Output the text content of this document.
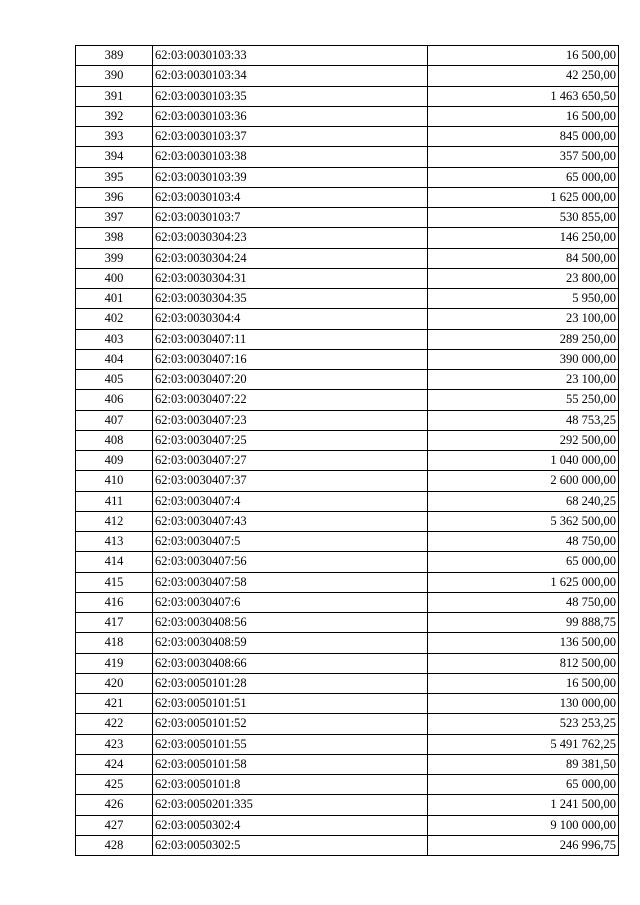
389	62:03:0030103:33	16 500,00
390	62:03:0030103:34	42 250,00
391	62:03:0030103:35	1 463 650,50
392	62:03:0030103:36	16 500,00
393	62:03:0030103:37	845 000,00
394	62:03:0030103:38	357 500,00
395	62:03:0030103:39	65 000,00
396	62:03:0030103:4	1 625 000,00
397	62:03:0030103:7	530 855,00
398	62:03:0030304:23	146 250,00
399	62:03:0030304:24	84 500,00
400	62:03:0030304:31	23 800,00
401	62:03:0030304:35	5 950,00
402	62:03:0030304:4	23 100,00
403	62:03:0030407:11	289 250,00
404	62:03:0030407:16	390 000,00
405	62:03:0030407:20	23 100,00
406	62:03:0030407:22	55 250,00
407	62:03:0030407:23	48 753,25
408	62:03:0030407:25	292 500,00
409	62:03:0030407:27	1 040 000,00
410	62:03:0030407:37	2 600 000,00
411	62:03:0030407:4	68 240,25
412	62:03:0030407:43	5 362 500,00
413	62:03:0030407:5	48 750,00
414	62:03:0030407:56	65 000,00
415	62:03:0030407:58	1 625 000,00
416	62:03:0030407:6	48 750,00
417	62:03:0030408:56	99 888,75
418	62:03:0030408:59	136 500,00
419	62:03:0030408:66	812 500,00
420	62:03:0050101:28	16 500,00
421	62:03:0050101:51	130 000,00
422	62:03:0050101:52	523 253,25
423	62:03:0050101:55	5 491 762,25
424	62:03:0050101:58	89 381,50
425	62:03:0050101:8	65 000,00
426	62:03:0050201:335	1 241 500,00
427	62:03:0050302:4	9 100 000,00
428	62:03:0050302:5	246 996,75
